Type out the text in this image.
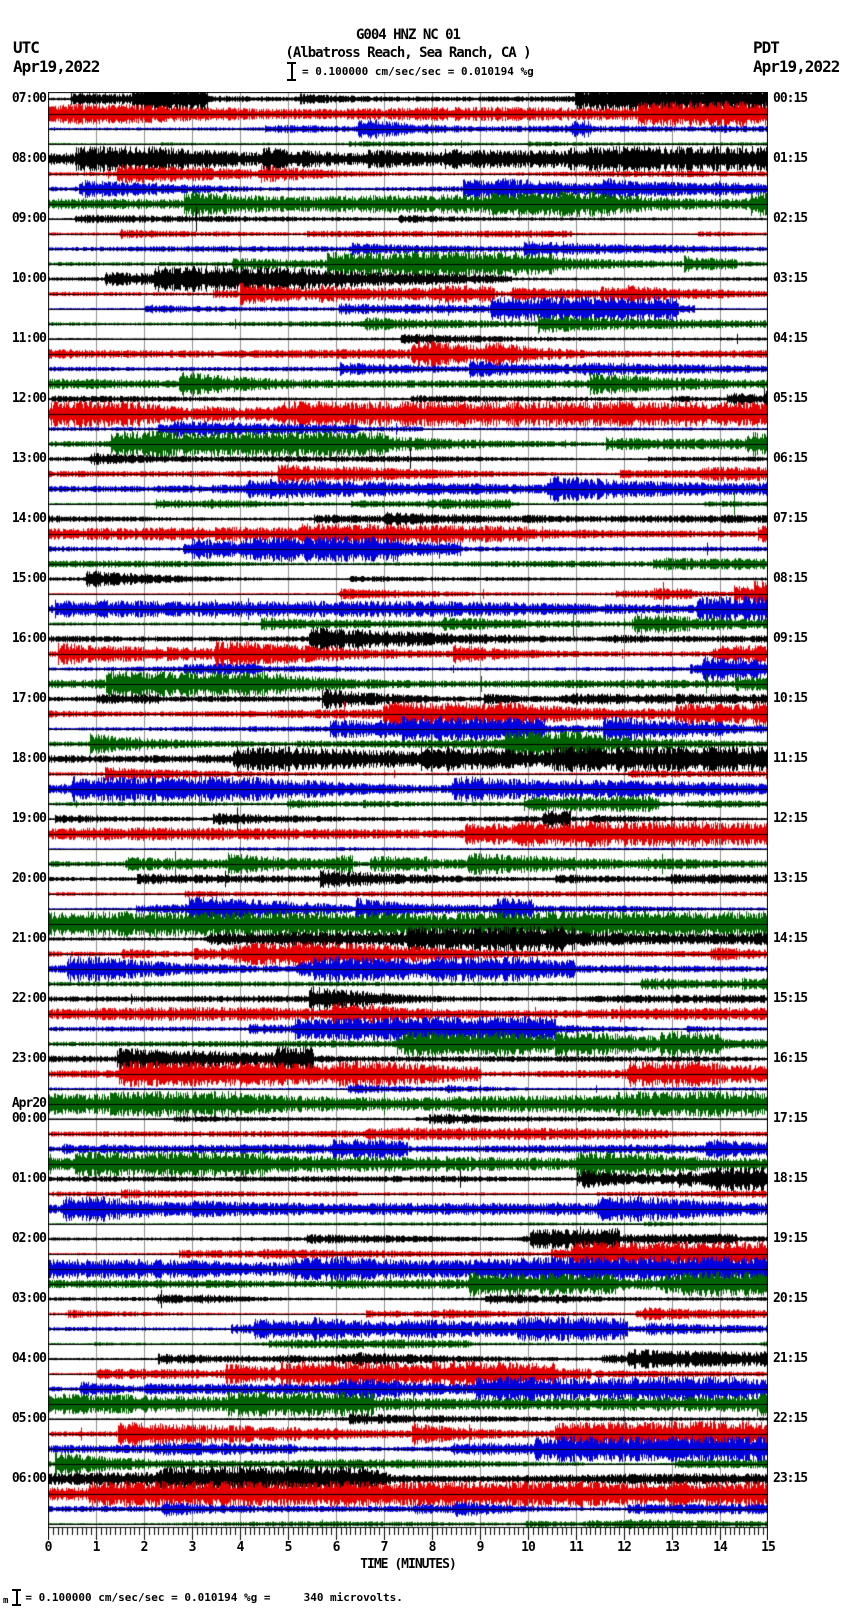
G004 HNZ NC 01
(Albatross Reach, Sea Ranch, CA )
= 0.100000 cm/sec/sec = 0.010194 %g
UTC
Apr19,2022
PDT
Apr19,2022
07:00
08:00
09:00
10:00
11:00
12:00
13:00
14:00
15:00
16:00
17:00
18:00
19:00
20:00
21:00
22:00
23:00
00:00
01:00
02:00
03:00
04:00
05:00
06:00
Apr20
00:15
01:15
02:15
03:15
04:15
05:15
06:15
07:15
08:15
09:15
10:15
11:15
12:15
13:15
14:15
15:15
16:15
17:15
18:15
19:15
20:15
21:15
22:15
23:15
0	1	2	3	4	5	6	7	8	9	10	11	12	13	14	15
TIME (MINUTES)
m = 0.100000 cm/sec/sec = 0.010194 %g =     340 microvolts.
